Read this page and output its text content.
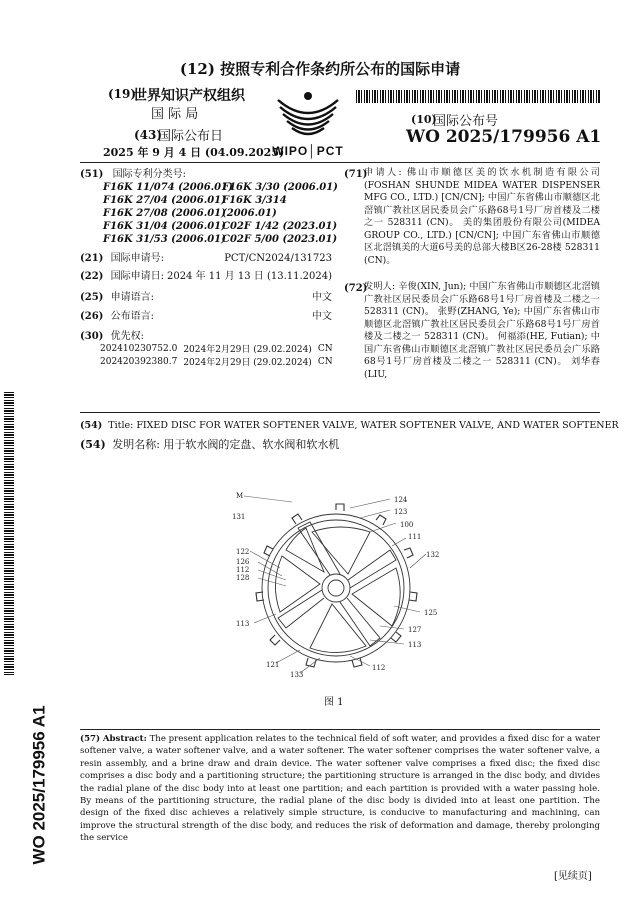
(12) 按照专利合作条约所公布的国际申请
(19)
世界知识产权组织
国 际 局
(43)
国际公布日
2025 年 9 月 4 日 (04.09.2025)
WIPO│PCT
(10)
国际公布号
WO 2025/179956 A1
(51) 国际专利分类号:
F16K 11/074 (2006.01)
F16K 27/04 (2006.01)
F16K 27/08 (2006.01)
F16K 31/04 (2006.01)
F16K 31/53 (2006.01)
F16K 3/30 (2006.01)
F16K 3/314 (2006.01)
C02F 1/42 (2023.01)
C02F 5/00 (2023.01)
(21) 国际申请号:	PCT/CN2024/131723
(22) 国际申请日: 2024 年 11 月 13 日 (13.11.2024)
(25) 申请语言:	中文
(26) 公布语言:	中文
(30) 优先权:
202410230752.0	2024年2月29日 (29.02.2024)	CN
202420392380.7	2024年2月29日 (29.02.2024)	CN
(71)
申请人: 佛山市顺德区美的饮水机制造有限公司(FOSHAN SHUNDE MIDEA WATER DISPENSER MFG CO., LTD.) [CN/CN]; 中国广东省佛山市顺德区北滘镇广教社区居民委员会广乐路68号1号厂房首楼及二楼之一 528311 (CN)。 美的集团股份有限公司(MIDEA GROUP CO., LTD.) [CN/CN]; 中国广东省佛山市顺德区北滘镇美的大道6号美的总部大楼B区26-28楼 528311 (CN)。
(72)
发明人: 辛俊(XIN, Jun); 中国广东省佛山市顺德区北滘镇广教社区居民委员会广乐路68号1号厂房首楼及二楼之一 528311 (CN)。 张野(ZHANG, Ye); 中国广东省佛山市顺德区北滘镇广教社区居民委员会广乐路68号1号厂房首楼及二楼之一 528311 (CN)。 何福添(HE, Futian); 中国广东省佛山市顺德区北滘镇广教社区居民委员会广乐路68号1号厂房首楼及二楼之一 528311 (CN)。 刘华春(LIU,
WO 2025/179956 A1
(54) Title: FIXED DISC FOR WATER SOFTENER VALVE, WATER SOFTENER VALVE, AND WATER SOFTENER
(54) 发明名称: 用于软水阀的定盘、软水阀和软水机
M
131
124
123
100
111
132
122
126
112
128
125
113
127
113
121
133
112
图 1
(57) Abstract: The present application relates to the technical field of soft water, and provides a fixed disc for a water softener valve, a water softener valve, and a water softener. The water softener comprises the water softener valve, a resin assembly, and a brine draw and drain device. The water softener valve comprises a fixed disc; the fixed disc comprises a disc body and a partitioning structure; the partitioning structure is arranged in the disc body, and divides the radial plane of the disc body into at least one partition; and each partition is provided with a water passing hole. By means of the partitioning structure, the radial plane of the disc body is divided into at least one partition. The design of the fixed disc achieves a relatively simple structure, is conducive to manufacturing and machining, can improve the structural strength of the disc body, and reduces the risk of deformation and damage, thereby prolonging the service
[见续页]
